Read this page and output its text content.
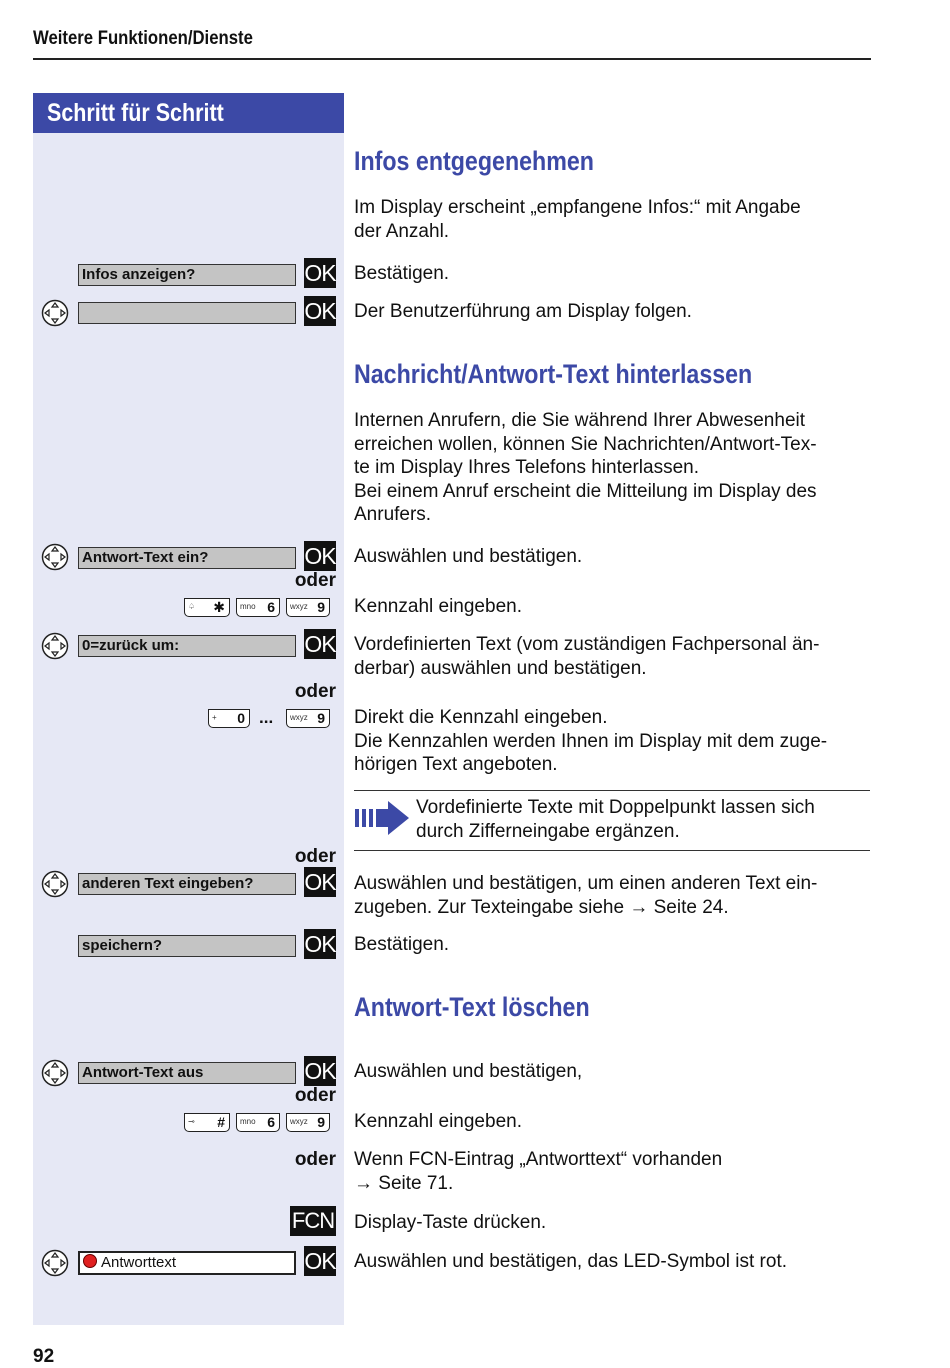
Weitere Funktionen/Dienste
Schritt für Schritt
Infos entgegenehmen
Im Display erscheint „empfangene Infos:“ mit Angabe
der Anzahl.
Infos anzeigen?	OK Bestätigen.
OK Der Benutzerführung am Display folgen.
Nachricht/Antwort-Text hinterlassen
Internen Anrufern, die Sie während Ihrer Abwesenheit
erreichen wollen, können Sie Nachrichten/Antwort-Tex-
te im Display Ihres Telefons hinterlassen.
Bei einem Anruf erscheint die Mitteilung im Display des
Anrufers.
Antwort-Text ein?	OK Auswählen und bestätigen.
oder
♤ ✱ mno 6 wxyz 9 Kennzahl eingeben.
0=zurück um:	OK Vordefinierten Text (vom zuständigen Fachpersonal än-
derbar) auswählen und bestätigen.
oder
+ 0 ... wxyz 9 Direkt die Kennzahl eingeben.
Die Kennzahlen werden Ihnen im Display mit dem zuge-
hörigen Text angeboten.
Vordefinierte Texte mit Doppelpunkt lassen sich
durch Zifferneingabe ergänzen.
oder
anderen Text eingeben?	OK Auswählen und bestätigen, um einen anderen Text ein-
zugeben. Zur Texteingabe siehe → Seite 24.
speichern?	OK Bestätigen.
Antwort-Text löschen
Antwort-Text aus	OK Auswählen und bestätigen,
oder
⊸ # mno 6 wxyz 9 Kennzahl eingeben.
oder Wenn FCN-Eintrag „Antworttext“ vorhanden
→ Seite 71.
FCN Display-Taste drücken.
Antworttext	OK Auswählen und bestätigen, das LED-Symbol ist rot.
92
